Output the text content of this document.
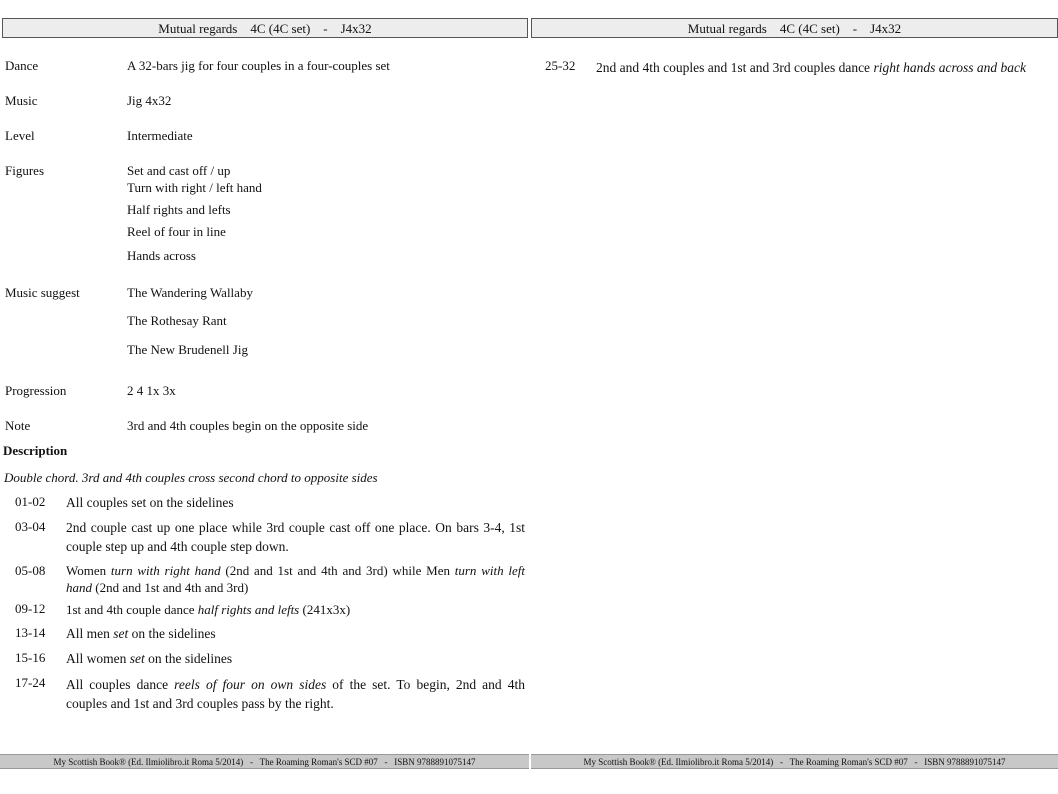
Mutual regards    4C (4C set)    -    J4x32
Dance	A 32-bars jig for four couples in a four-couples set
Music	Jig 4x32
Level	Intermediate
Figures	Set and cast off / up
Turn with right / left hand
Half rights and lefts
Reel of four in line
Hands across
Music suggest	The Wandering Wallaby
The Rothesay Rant
The New Brudenell Jig
Progression	2 4 1x 3x
Note	3rd and 4th couples begin on the opposite side
Description
Double chord. 3rd and 4th couples cross second chord to opposite sides
01-02 All couples set on the sidelines
03-04 2nd couple cast up one place while 3rd couple cast off one place. On bars 3-4, 1st couple step up and 4th couple step down.
05-08 Women turn with right hand (2nd and 1st and 4th and 3rd) while Men turn with left hand (2nd and 1st and 4th and 3rd)
09-12 1st and 4th couple dance half rights and lefts (241x3x)
13-14 All men set on the sidelines
15-16 All women set on the sidelines
17-24 All couples dance reels of four on own sides of the set. To begin, 2nd and 4th couples and 1st and 3rd couples pass by the right.
My Scottish Book® (Ed. Ilmiolibro.it Roma 5/2014)   -   The Roaming Roman's SCD #07   -   ISBN 9788891075147
Mutual regards    4C (4C set)    -    J4x32
25-32 2nd and 4th couples and 1st and 3rd couples dance right hands across and back
My Scottish Book® (Ed. Ilmiolibro.it Roma 5/2014)   -   The Roaming Roman's SCD #07   -   ISBN 9788891075147
